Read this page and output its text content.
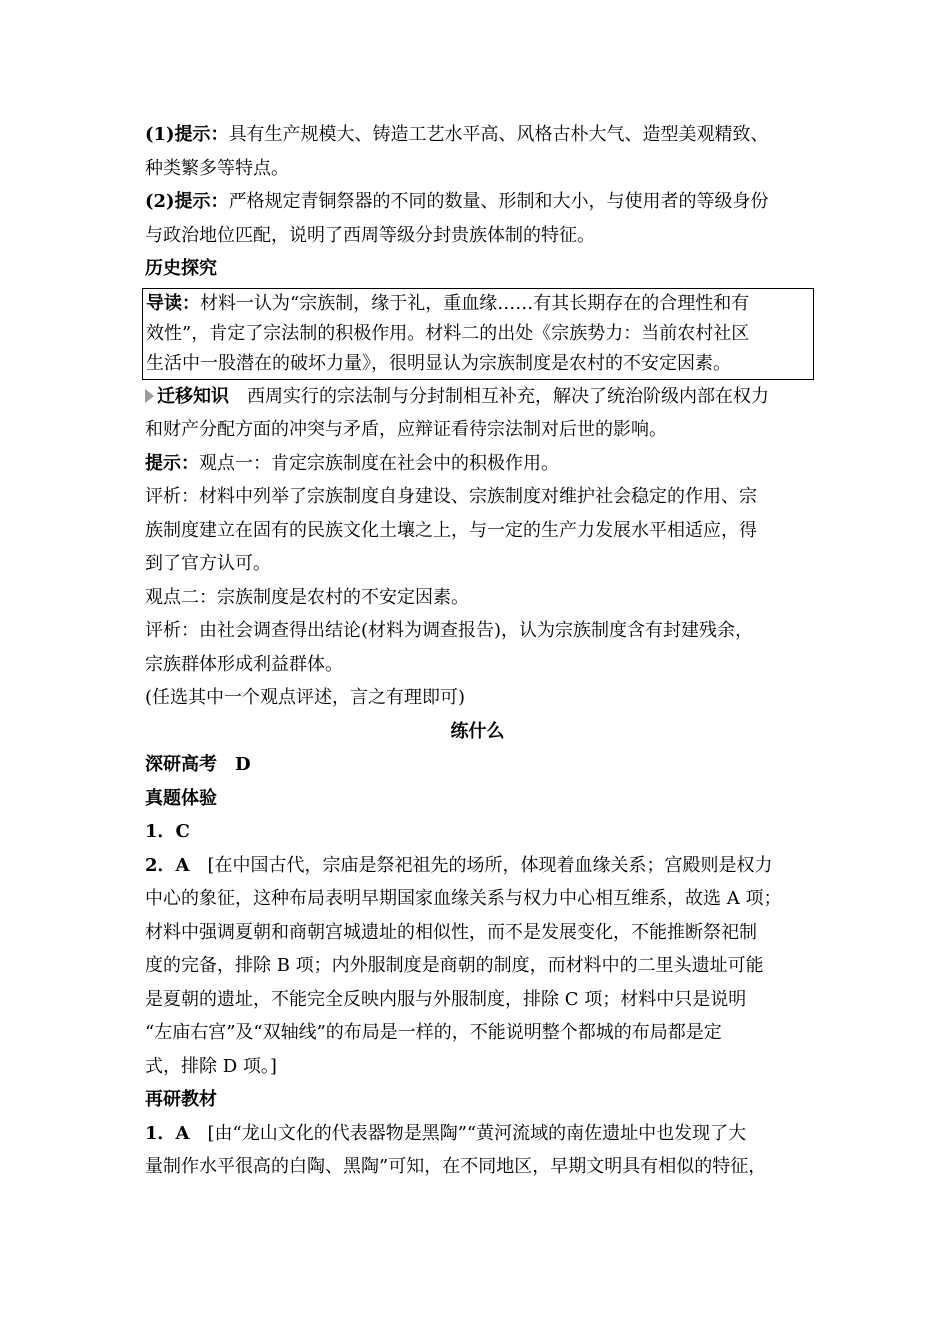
(1)提示：具有生产规模大、铸造工艺水平高、风格古朴大气、造型美观精致、
种类繁多等特点。
(2)提示：严格规定青铜祭器的不同的数量、形制和大小，与使用者的等级身份
与政治地位匹配，说明了西周等级分封贵族体制的特征。
历史探究
导读：材料一认为“宗族制，缘于礼，重血缘……有其长期存在的合理性和有
效性”，肯定了宗法制的积极作用。材料二的出处《宗族势力：当前农村社区
生活中一股潜在的破坏力量》，很明显认为宗族制度是农村的不安定因素。
迁移知识 西周实行的宗法制与分封制相互补充，解决了统治阶级内部在权力
和财产分配方面的冲突与矛盾，应辩证看待宗法制对后世的影响。
提示：观点一：肯定宗族制度在社会中的积极作用。
评析：材料中列举了宗族制度自身建设、宗族制度对维护社会稳定的作用、宗
族制度建立在固有的民族文化土壤之上，与一定的生产力发展水平相适应，得
到了官方认可。
观点二：宗族制度是农村的不安定因素。
评析：由社会调查得出结论(材料为调查报告)，认为宗族制度含有封建残余，
宗族群体形成利益群体。
(任选其中一个观点评述，言之有理即可)
练什么
深研高考 D
真题体验
1．C
2．A [在中国古代，宗庙是祭祀祖先的场所，体现着血缘关系；宫殿则是权力
中心的象征，这种布局表明早期国家血缘关系与权力中心相互维系，故选 A 项；
材料中强调夏朝和商朝宫城遗址的相似性，而不是发展变化，不能推断祭祀制
度的完备，排除 B 项；内外服制度是商朝的制度，而材料中的二里头遗址可能
是夏朝的遗址，不能完全反映内服与外服制度，排除 C 项；材料中只是说明
“左庙右宫”及“双轴线”的布局是一样的，不能说明整个都城的布局都是定
式，排除 D 项。]
再研教材
1．A [由“龙山文化的代表器物是黑陶”“黄河流域的南佐遗址中也发现了大
量制作水平很高的白陶、黑陶”可知，在不同地区，早期文明具有相似的特征，
